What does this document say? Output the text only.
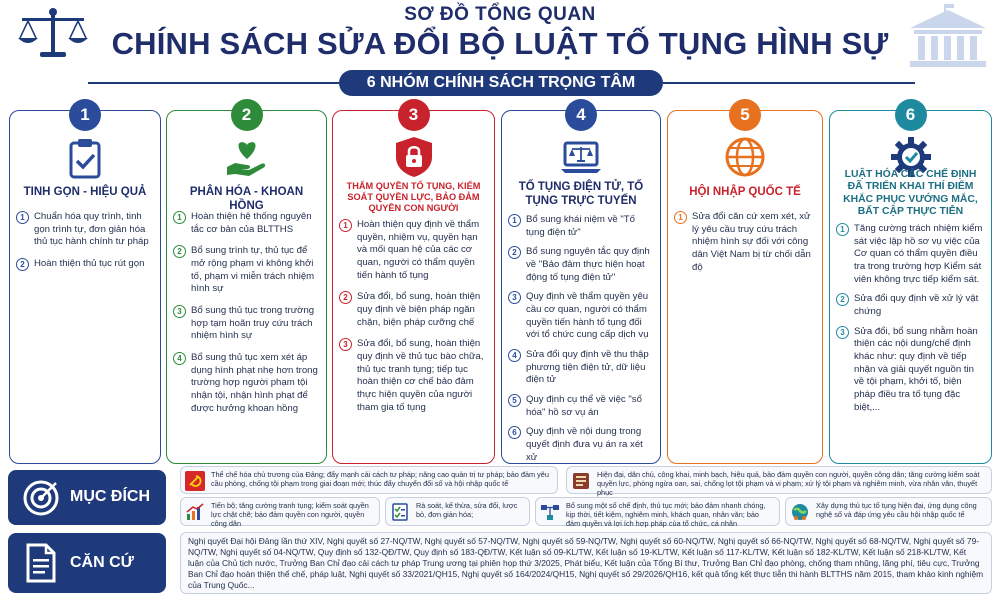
SƠ ĐỒ TỔNG QUAN
CHÍNH SÁCH SỬA ĐỔI BỘ LUẬT TỐ TỤNG HÌNH SỰ
6 NHÓM CHÍNH SÁCH TRỌNG TÂM
1
TINH GỌN - HIỆU QUẢ
1 Chuẩn hóa quy trình, tinh gọn trình tự, đơn giản hóa thủ tục hành chính tư pháp
2 Hoàn thiện thủ tục rút gọn
2
PHÂN HÓA - KHOAN HỒNG
1 Hoàn thiện hệ thống nguyên tắc cơ bản của BLTTHS
2 Bổ sung trình tự, thủ tục để mở rộng phạm vi không khởi tố, phạm vi miễn trách nhiệm hình sự
3 Bổ sung thủ tục trong trường hợp tạm hoãn truy cứu trách nhiệm hình sự
4 Bổ sung thủ tục xem xét áp dụng hình phạt nhẹ hơn trong trường hợp người phạm tội nhận tội, nhận hình phạt để được hưởng khoan hồng
3
THẨM QUYỀN TỐ TỤNG, KIỂM SOÁT QUYỀN LỰC, BẢO ĐẢM QUYỀN CON NGƯỜI
1 Hoàn thiện quy định về thẩm quyền, nhiệm vụ, quyền hạn và mối quan hệ của các cơ quan, người có thẩm quyền tiến hành tố tụng
2 Sửa đổi, bổ sung, hoàn thiện quy định về biện pháp ngăn chặn, biện pháp cưỡng chế
3 Sửa đổi, bổ sung, hoàn thiện quy định về thủ tục bào chữa, thủ tục tranh tụng; tiếp tục hoàn thiện cơ chế bảo đảm thực hiện quyền của người tham gia tố tụng
4
TỐ TỤNG ĐIỆN TỬ, TỐ TỤNG TRỰC TUYẾN
1 Bổ sung khái niệm về "Tố tụng điện tử"
2 Bổ sung nguyên tắc quy định về "Bảo đảm thực hiện hoạt động tố tụng điện tử"
3 Quy định về thẩm quyền yêu cầu cơ quan, người có thẩm quyền tiến hành tố tụng đối với tổ chức cung cấp dịch vụ
4 Sửa đổi quy định về thu thập phương tiện điện tử, dữ liệu điện tử
5 Quy định cụ thể về việc "số hóa" hồ sơ vụ án
6 Quy định về nội dung trong quyết định đưa vụ án ra xét xử
5
HỘI NHẬP QUỐC TẾ
1 Sửa đổi căn cứ xem xét, xử lý yêu cầu truy cứu trách nhiệm hình sự đối với công dân Việt Nam bị từ chối dẫn độ
6
LUẬT HÓA CÁC CHẾ ĐỊNH ĐÃ TRIỂN KHAI THÍ ĐIỂM KHẮC PHỤC VƯỚNG MẮC, BẤT CẬP THỰC TIỄN
1 Tăng cường trách nhiệm kiểm sát việc lập hồ sơ vụ việc của Cơ quan có thẩm quyền điều tra trong trường hợp Kiểm sát viên không trực tiếp kiểm sát.
2 Sửa đổi quy định về xử lý vật chứng
3 Sửa đổi, bổ sung nhằm hoàn thiện các nội dung/chế định khác như: quy định về tiếp nhận và giải quyết nguồn tin về tội phạm, khởi tố, biện pháp điều tra tố tụng đặc biệt,...
MỤC ĐÍCH
Thể chế hóa chủ trương của Đảng; đẩy mạnh cải cách tư pháp; nâng cao quản trị tư pháp; bảo đảm yêu cầu phòng, chống tội phạm trong giai đoạn mới; thúc đẩy chuyển đổi số và hội nhập quốc tế
Hiện đại, dân chủ, công khai, minh bạch, hiệu quả, bảo đảm quyền con người, quyền công dân; tăng cường kiểm soát quyền lực, phòng ngừa oan, sai, chống lọt tội phạm và vi phạm; xử lý tội phạm và nghiêm minh, vừa nhân văn, thuyết phục
Tiến bộ; tăng cường tranh tụng; kiểm soát quyền lực chặt chẽ; bảo đảm quyền con người, quyền công dân
Rà soát, kế thừa, sửa đổi, lược bỏ, đơn giản hóa;
Bổ sung một số chế định, thủ tục mới; bảo đảm nhanh chóng, kịp thời, tiết kiệm, nghiêm minh, khách quan, nhân văn; bảo đảm quyền và lợi ích hợp pháp của tổ chức, cá nhân
Xây dựng thủ tục tố tụng hiện đại, ứng dụng công nghệ số và đáp ứng yêu cầu hội nhập quốc tế
CĂN CỨ
Nghị quyết Đại hội Đảng lần thứ XIV, Nghị quyết số 27-NQ/TW, Nghị quyết số 57-NQ/TW, Nghị quyết số 59-NQ/TW, Nghị quyết số 60-NQ/TW, Nghị quyết số 66-NQ/TW, Nghị quyết số 68-NQ/TW, Nghị quyết số 79-NQ/TW, Nghị quyết số 04-NQ/TW, Quy định số 132-QĐ/TW, Quy định số 183-QĐ/TW, Kết luận số 09-KL/TW, Kết luận số 19-KL/TW, Kết luận số 117-KL/TW, Kết luận số 182-KL/TW, Kết luận số 218-KL/TW, Kết luận của Chủ tịch nước, Trưởng Ban Chỉ đạo cải cách tư pháp Trung ương tại phiên họp thứ 3/2025, Phát biểu, Kết luận của Tổng Bí thư, Trưởng Ban Chỉ đạo phòng, chống tham nhũng, lãng phí, tiêu cực, Trưởng Ban Chỉ đạo hoàn thiện thể chế, pháp luật, Nghị quyết số 33/2021/QH15, Nghị quyết số 164/2024/QH15, Nghị quyết số 29/2026/QH16, kết quả tổng kết thực tiễn thi hành BLTTHS năm 2015, tham khảo kinh nghiệm của Trung Quốc...
